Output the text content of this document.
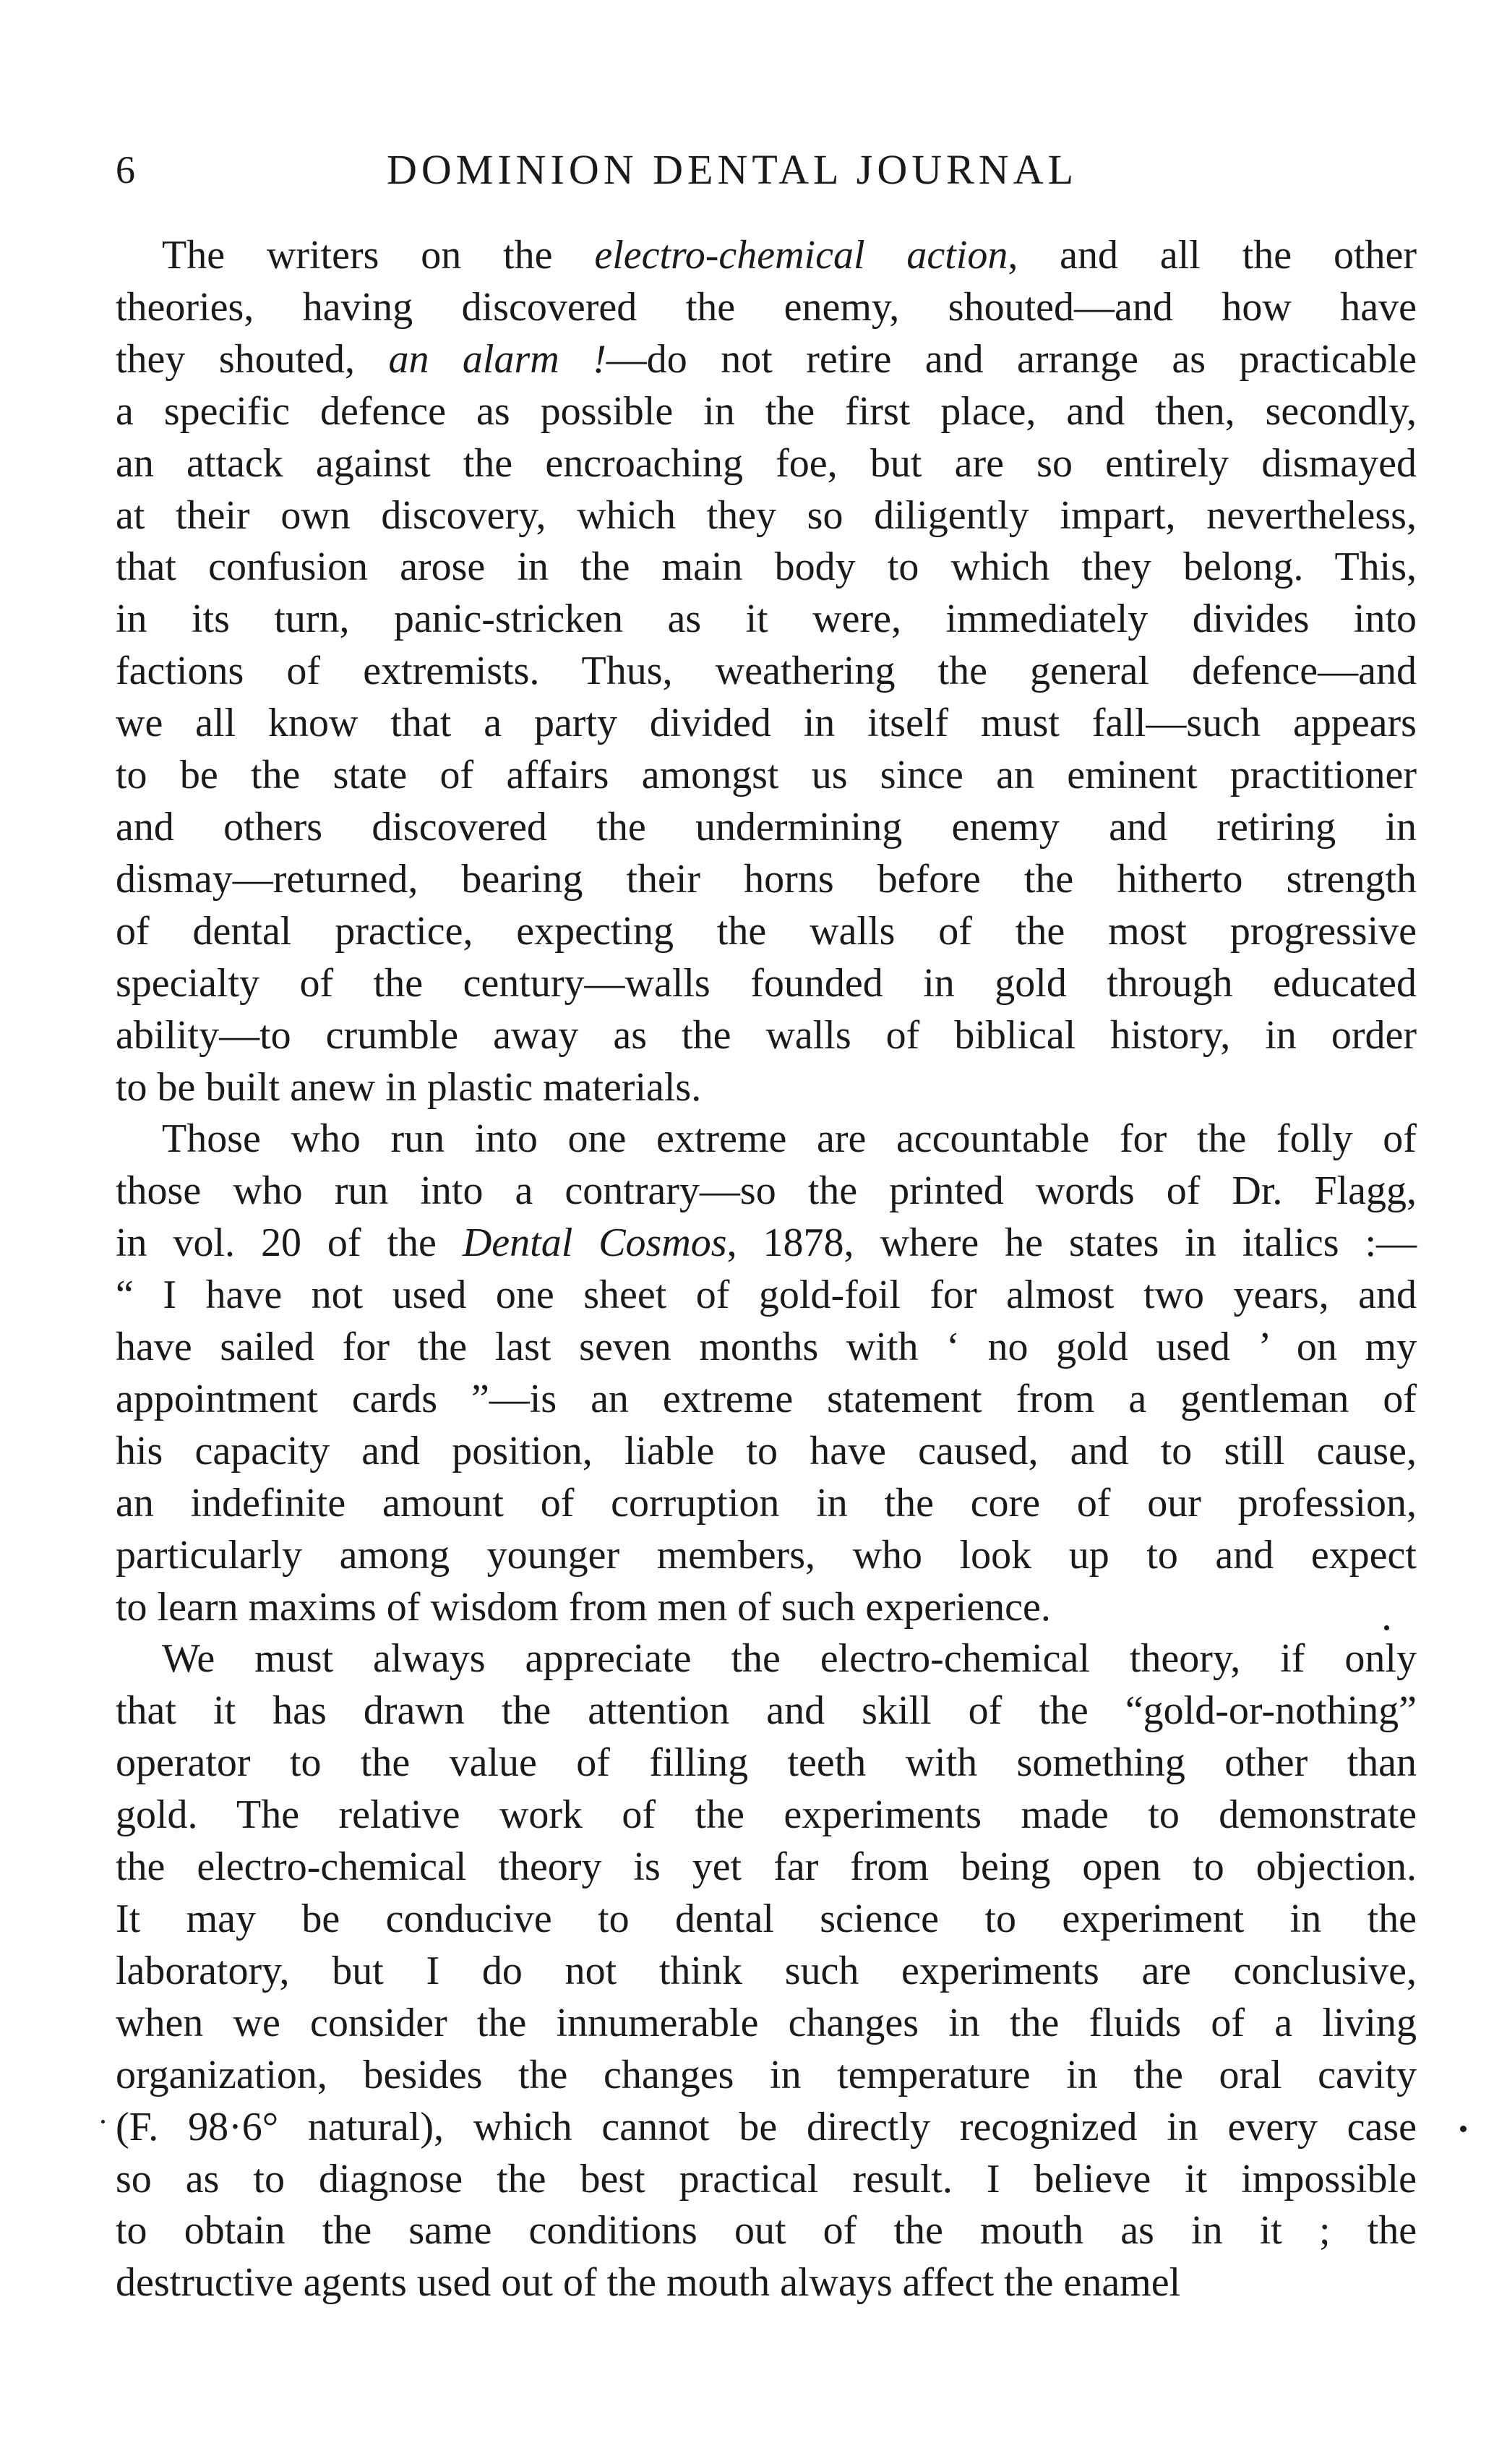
6	DOMINION DENTAL JOURNAL

The writers on the electro-chemical action, and all the other
theories, having discovered the enemy, shouted—and how have
they shouted, an alarm !—do not retire and arrange as practicable
a specific defence as possible in the first place, and then, secondly,
an attack against the encroaching foe, but are so entirely dismayed
at their own discovery, which they so diligently impart, nevertheless,
that confusion arose in the main body to which they belong. This,
in its turn, panic-stricken as it were, immediately divides into
factions of extremists. Thus, weathering the general defence—and
we all know that a party divided in itself must fall—such appears
to be the state of affairs amongst us since an eminent practitioner
and others discovered the undermining enemy and retiring in
dismay—returned, bearing their horns before the hitherto strength
of dental practice, expecting the walls of the most progressive
specialty of the century—walls founded in gold through educated
ability—to crumble away as the walls of biblical history, in order
to be built anew in plastic materials.

Those who run into one extreme are accountable for the folly of
those who run into a contrary—so the printed words of Dr. Flagg,
in vol. 20 of the Dental Cosmos, 1878, where he states in italics :—
“ I have not used one sheet of gold-foil for almost two years, and
have sailed for the last seven months with ‘ no gold used ’ on my
appointment cards ”—is an extreme statement from a gentleman of
his capacity and position, liable to have caused, and to still cause,
an indefinite amount of corruption in the core of our profession,
particularly among younger members, who look up to and expect
to learn maxims of wisdom from men of such experience.

We must always appreciate the electro-chemical theory, if only
that it has drawn the attention and skill of the “gold-or-nothing”
operator to the value of filling teeth with something other than
gold. The relative work of the experiments made to demonstrate
the electro-chemical theory is yet far from being open to objection.
It may be conducive to dental science to experiment in the
laboratory, but I do not think such experiments are conclusive,
when we consider the innumerable changes in the fluids of a living
organization, besides the changes in temperature in the oral cavity
(F. 98·6° natural), which cannot be directly recognized in every case
so as to diagnose the best practical result. I believe it impossible
to obtain the same conditions out of the mouth as in it ; the
destructive agents used out of the mouth always affect the enamel
